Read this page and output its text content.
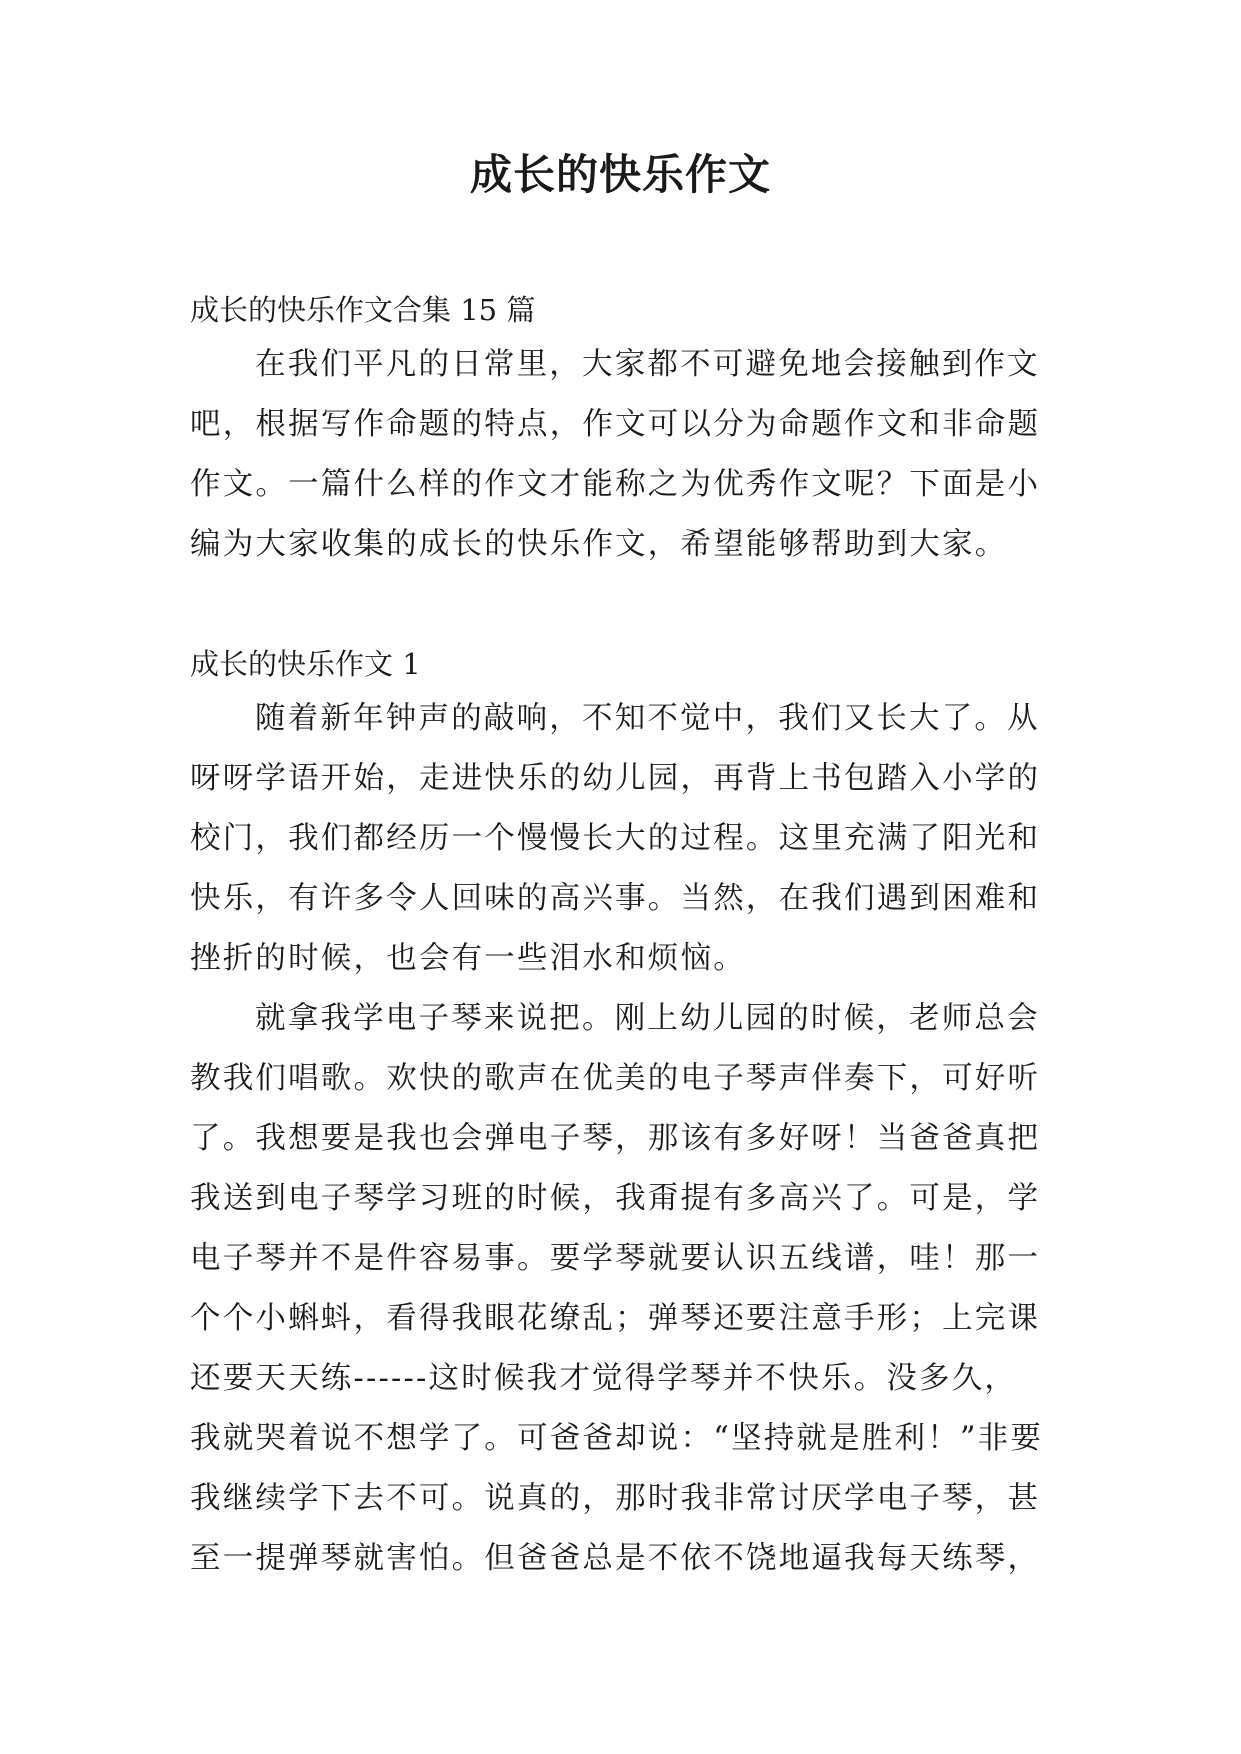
成长的快乐作文
成长的快乐作文合集 15 篇
在我们平凡的日常里，大家都不可避免地会接触到作文
吧，根据写作命题的特点，作文可以分为命题作文和非命题
作文。一篇什么样的作文才能称之为优秀作文呢？下面是小
编为大家收集的成长的快乐作文，希望能够帮助到大家。
成长的快乐作文 1
随着新年钟声的敲响，不知不觉中，我们又长大了。从
呀呀学语开始，走进快乐的幼儿园，再背上书包踏入小学的
校门，我们都经历一个慢慢长大的过程。这里充满了阳光和
快乐，有许多令人回味的高兴事。当然，在我们遇到困难和
挫折的时候，也会有一些泪水和烦恼。
就拿我学电子琴来说把。刚上幼儿园的时候，老师总会
教我们唱歌。欢快的歌声在优美的电子琴声伴奏下，可好听
了。我想要是我也会弹电子琴，那该有多好呀！当爸爸真把
我送到电子琴学习班的时候，我甭提有多高兴了。可是，学
电子琴并不是件容易事。要学琴就要认识五线谱，哇！那一
个个小蝌蚪，看得我眼花缭乱；弹琴还要注意手形；上完课
还要天天练------这时候我才觉得学琴并不快乐。没多久，
我就哭着说不想学了。可爸爸却说：“坚持就是胜利！”非要
我继续学下去不可。说真的，那时我非常讨厌学电子琴，甚
至一提弹琴就害怕。但爸爸总是不依不饶地逼我每天练琴，
